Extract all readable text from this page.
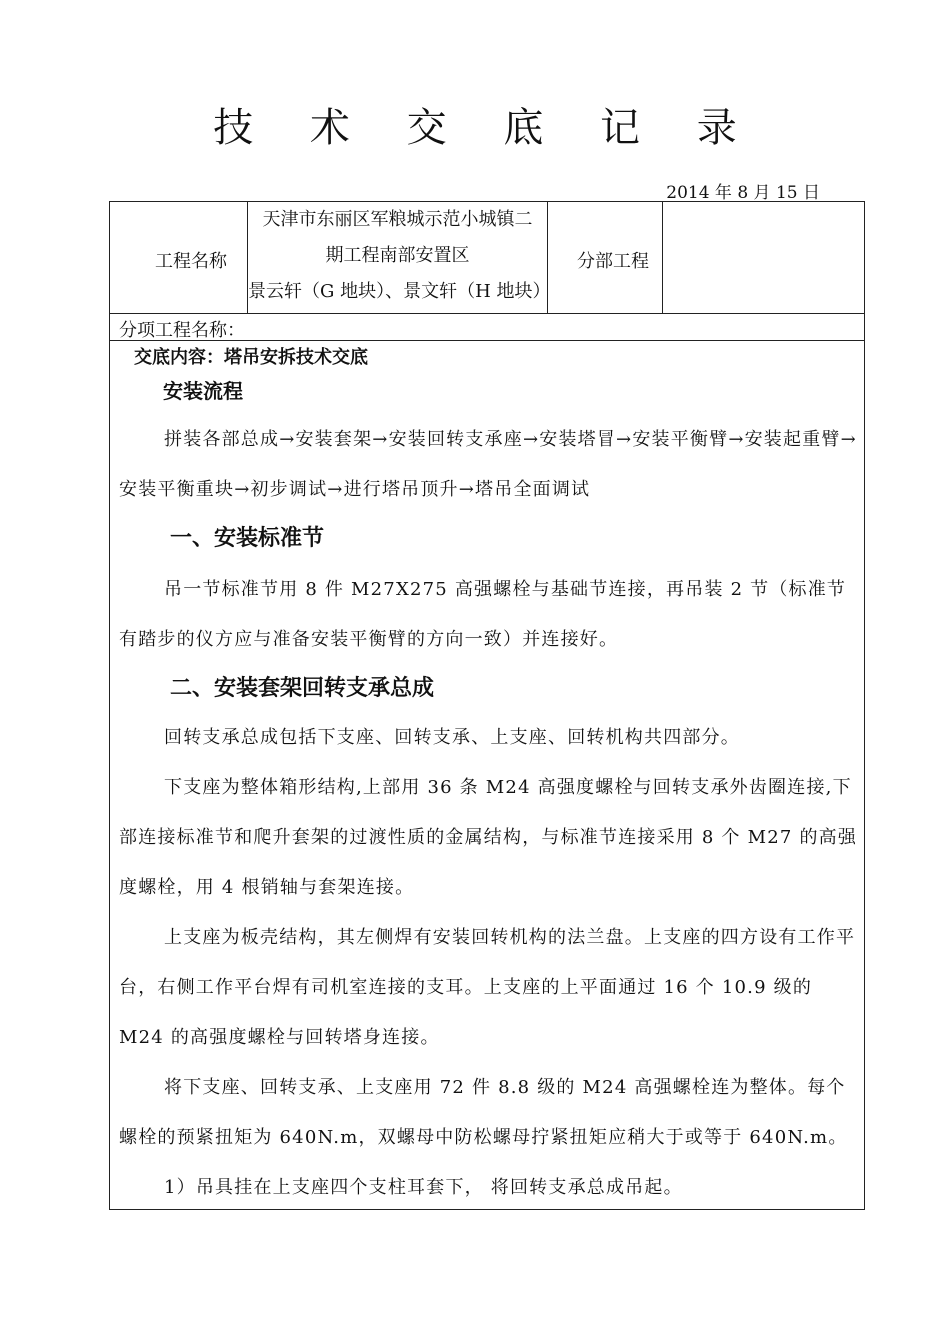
技 术 交 底 记 录
2014 年 8 月 15 日
工程名称
天津市东丽区军粮城示范小城镇二
期工程南部安置区
景云轩（G 地块）、景文轩（H 地块）
分部工程
分项工程名称：
交底内容：塔吊安拆技术交底
安装流程

拼装各部总成→安装套架→安装回转支承座→安装塔冒→安装平衡臂→安装起重臂→安装平衡重块→初步调试→进行塔吊顶升→塔吊全面调试

一、安装标准节

吊一节标准节用 8 件 M27X275 高强螺栓与基础节连接，再吊装 2 节（标准节有踏步的仪方应与准备安装平衡臂的方向一致）并连接好。

二、安装套架回转支承总成

回转支承总成包括下支座、回转支承、上支座、回转机构共四部分。

下支座为整体箱形结构,上部用 36 条 M24 高强度螺栓与回转支承外齿圈连接,下部连接标准节和爬升套架的过渡性质的金属结构，与标准节连接采用 8 个 M27 的高强度螺栓，用 4 根销轴与套架连接。

上支座为板壳结构，其左侧焊有安装回转机构的法兰盘。上支座的四方设有工作平台，右侧工作平台焊有司机室连接的支耳。上支座的上平面通过 16 个 10.9 级的 M24 的高强度螺栓与回转塔身连接。

将下支座、回转支承、上支座用 72 件 8.8 级的 M24 高强螺栓连为整体。每个螺栓的预紧扭矩为 640N.m，双螺母中防松螺母拧紧扭矩应稍大于或等于 640N.m。

1）吊具挂在上支座四个支柱耳套下， 将回转支承总成吊起。
